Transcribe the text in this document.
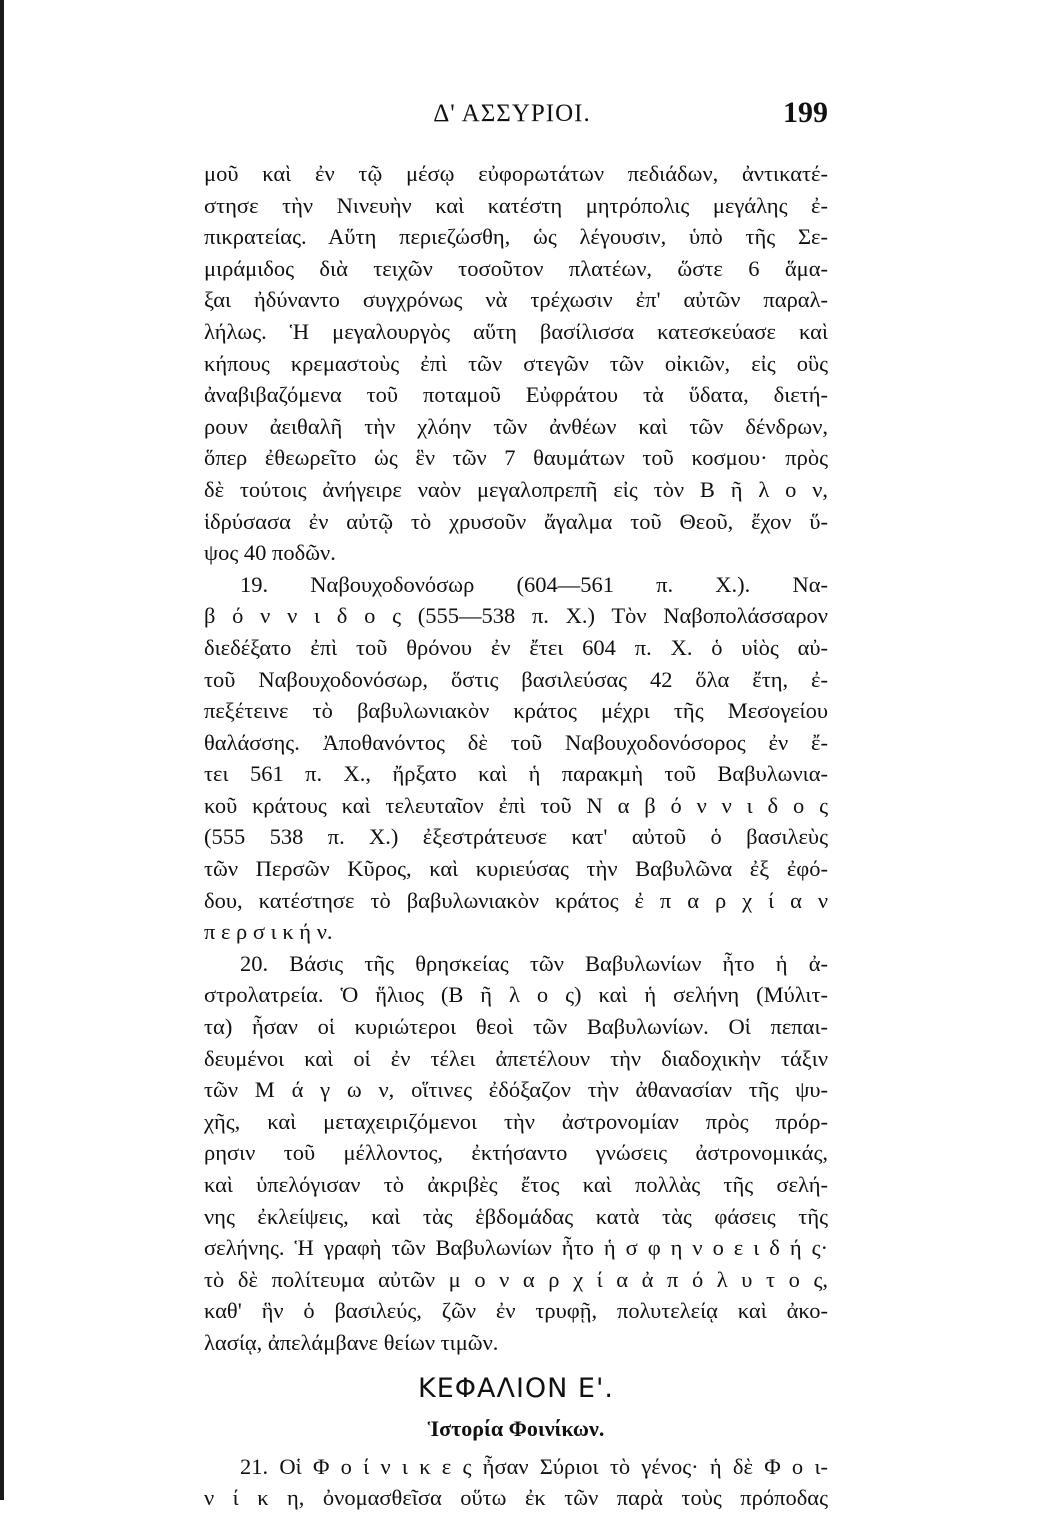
Δ' ΑΣΣΥΡΙΟΙ.	199
μοῦ καὶ ἐν τῷ μέσῳ εὐφορωτάτων πεδιάδων, ἀντικατέ-
στησε τὴν Νινευὴν καὶ κατέστη μητρόπολις μεγάλης ἐ-
πικρατείας. Αὕτη περιεζώσθη, ὡς λέγουσιν, ὑπὸ τῆς Σε-
μιράμιδος διὰ τειχῶν τοσοῦτον πλατέων, ὥστε 6 ἅμα-
ξαι ἠδύναντο συγχρόνως νὰ τρέχωσιν ἐπ' αὐτῶν παραλ-
λήλως. Ἡ μεγαλουργὸς αὕτη βασίλισσα κατεσκεύασε καὶ
κήπους κρεμαστοὺς ἐπὶ τῶν στεγῶν τῶν οἰκιῶν, εἰς οὓς
ἀναβιβαζόμενα τοῦ ποταμοῦ Εὐφράτου τὰ ὕδατα, διετή-
ρουν ἀειθαλῆ τὴν χλόην τῶν ἀνθέων καὶ τῶν δένδρων,
ὅπερ ἐθεωρεῖτο ὡς ἓν τῶν 7 θαυμάτων τοῦ κοσμου· πρὸς
δὲ τούτοις ἀνήγειρε ναὸν μεγαλοπρεπῆ εἰς τὸν Β ῆ λ ο ν,
ἱδρύσασα ἐν αὐτῷ τὸ χρυσοῦν ἄγαλμα τοῦ Θεοῦ, ἔχον ὕ-
ψος 40 ποδῶν.
19. Ναβουχοδονόσωρ (604—561 π. Χ.). Να-
β ό ν ν ι δ ο ς (555—538 π. Χ.) Τὸν Ναβοπολάσσαρον
διεδέξατο ἐπὶ τοῦ θρόνου ἐν ἔτει 604 π. Χ. ὁ υἱὸς αὐ-
τοῦ Ναβουχοδονόσωρ, ὅστις βασιλεύσας 42 ὅλα ἔτη, ἐ-
πεξέτεινε τὸ βαβυλωνιακὸν κράτος μέχρι τῆς Μεσογείου
θαλάσσης. Ἀποθανόντος δὲ τοῦ Ναβουχοδονόσορος ἐν ἔ-
τει 561 π. Χ., ἤρξατο καὶ ἡ παρακμὴ τοῦ Βαβυλωνια-
κοῦ κράτους καὶ τελευταῖον ἐπὶ τοῦ Ν α β ό ν ν ι δ ο ς
(555 538 π. Χ.) ἐξεστράτευσε κατ' αὐτοῦ ὁ βασιλεὺς
τῶν Περσῶν Κῦρος, καὶ κυριεύσας τὴν Βαβυλῶνα ἐξ ἐφό-
δου, κατέστησε τὸ βαβυλωνιακὸν κράτος ἐ π α ρ χ ί α ν
π ε ρ σ ι κ ή ν.
20. Βάσις τῆς θρησκείας τῶν Βαβυλωνίων ἦτο ἡ ἀ-
στρολατρεία. Ὁ ἥλιος (Β ῆ λ ο ς) καὶ ἡ σελήνη (Μύλιτ-
τα) ἦσαν οἱ κυριώτεροι θεοὶ τῶν Βαβυλωνίων. Οἱ πεπαι-
δευμένοι καὶ οἱ ἐν τέλει ἀπετέλουν τὴν διαδοχικὴν τάξιν
τῶν Μ ά γ ω ν, οἵτινες ἐδόξαζον τὴν ἀθανασίαν τῆς ψυ-
χῆς, καὶ μεταχειριζόμενοι τὴν ἀστρονομίαν πρὸς πρόρ-
ρησιν τοῦ μέλλοντος, ἐκτήσαντο γνώσεις ἀστρονομικάς,
καὶ ὑπελόγισαν τὸ ἀκριβὲς ἔτος καὶ πολλὰς τῆς σελή-
νης ἐκλείψεις, καὶ τὰς ἑβδομάδας κατὰ τὰς φάσεις τῆς
σελήνης. Ἡ γραφὴ τῶν Βαβυλωνίων ἦτο ἡ σ φ η ν ο ε ι δ ή ς·
τὸ δὲ πολίτευμα αὐτῶν μ ο ν α ρ χ ί α ἀ π ό λ υ τ ο ς,
καθ' ἣν ὁ βασιλεύς, ζῶν ἐν τρυφῇ, πολυτελείᾳ καὶ ἀκο-
λασίᾳ, ἀπελάμβανε θείων τιμῶν.
ΚΕΦΑΛΙΟΝ Ε'.
Ἱστορία Φοινίκων.
21. Οἱ Φ ο ί ν ι κ ε ς ἦσαν Σύριοι τὸ γένος· ἡ δὲ Φ ο ι-
ν ί κ η, ὀνομασθεῖσα οὕτω ἐκ τῶν παρὰ τοὺς πρόποδας
